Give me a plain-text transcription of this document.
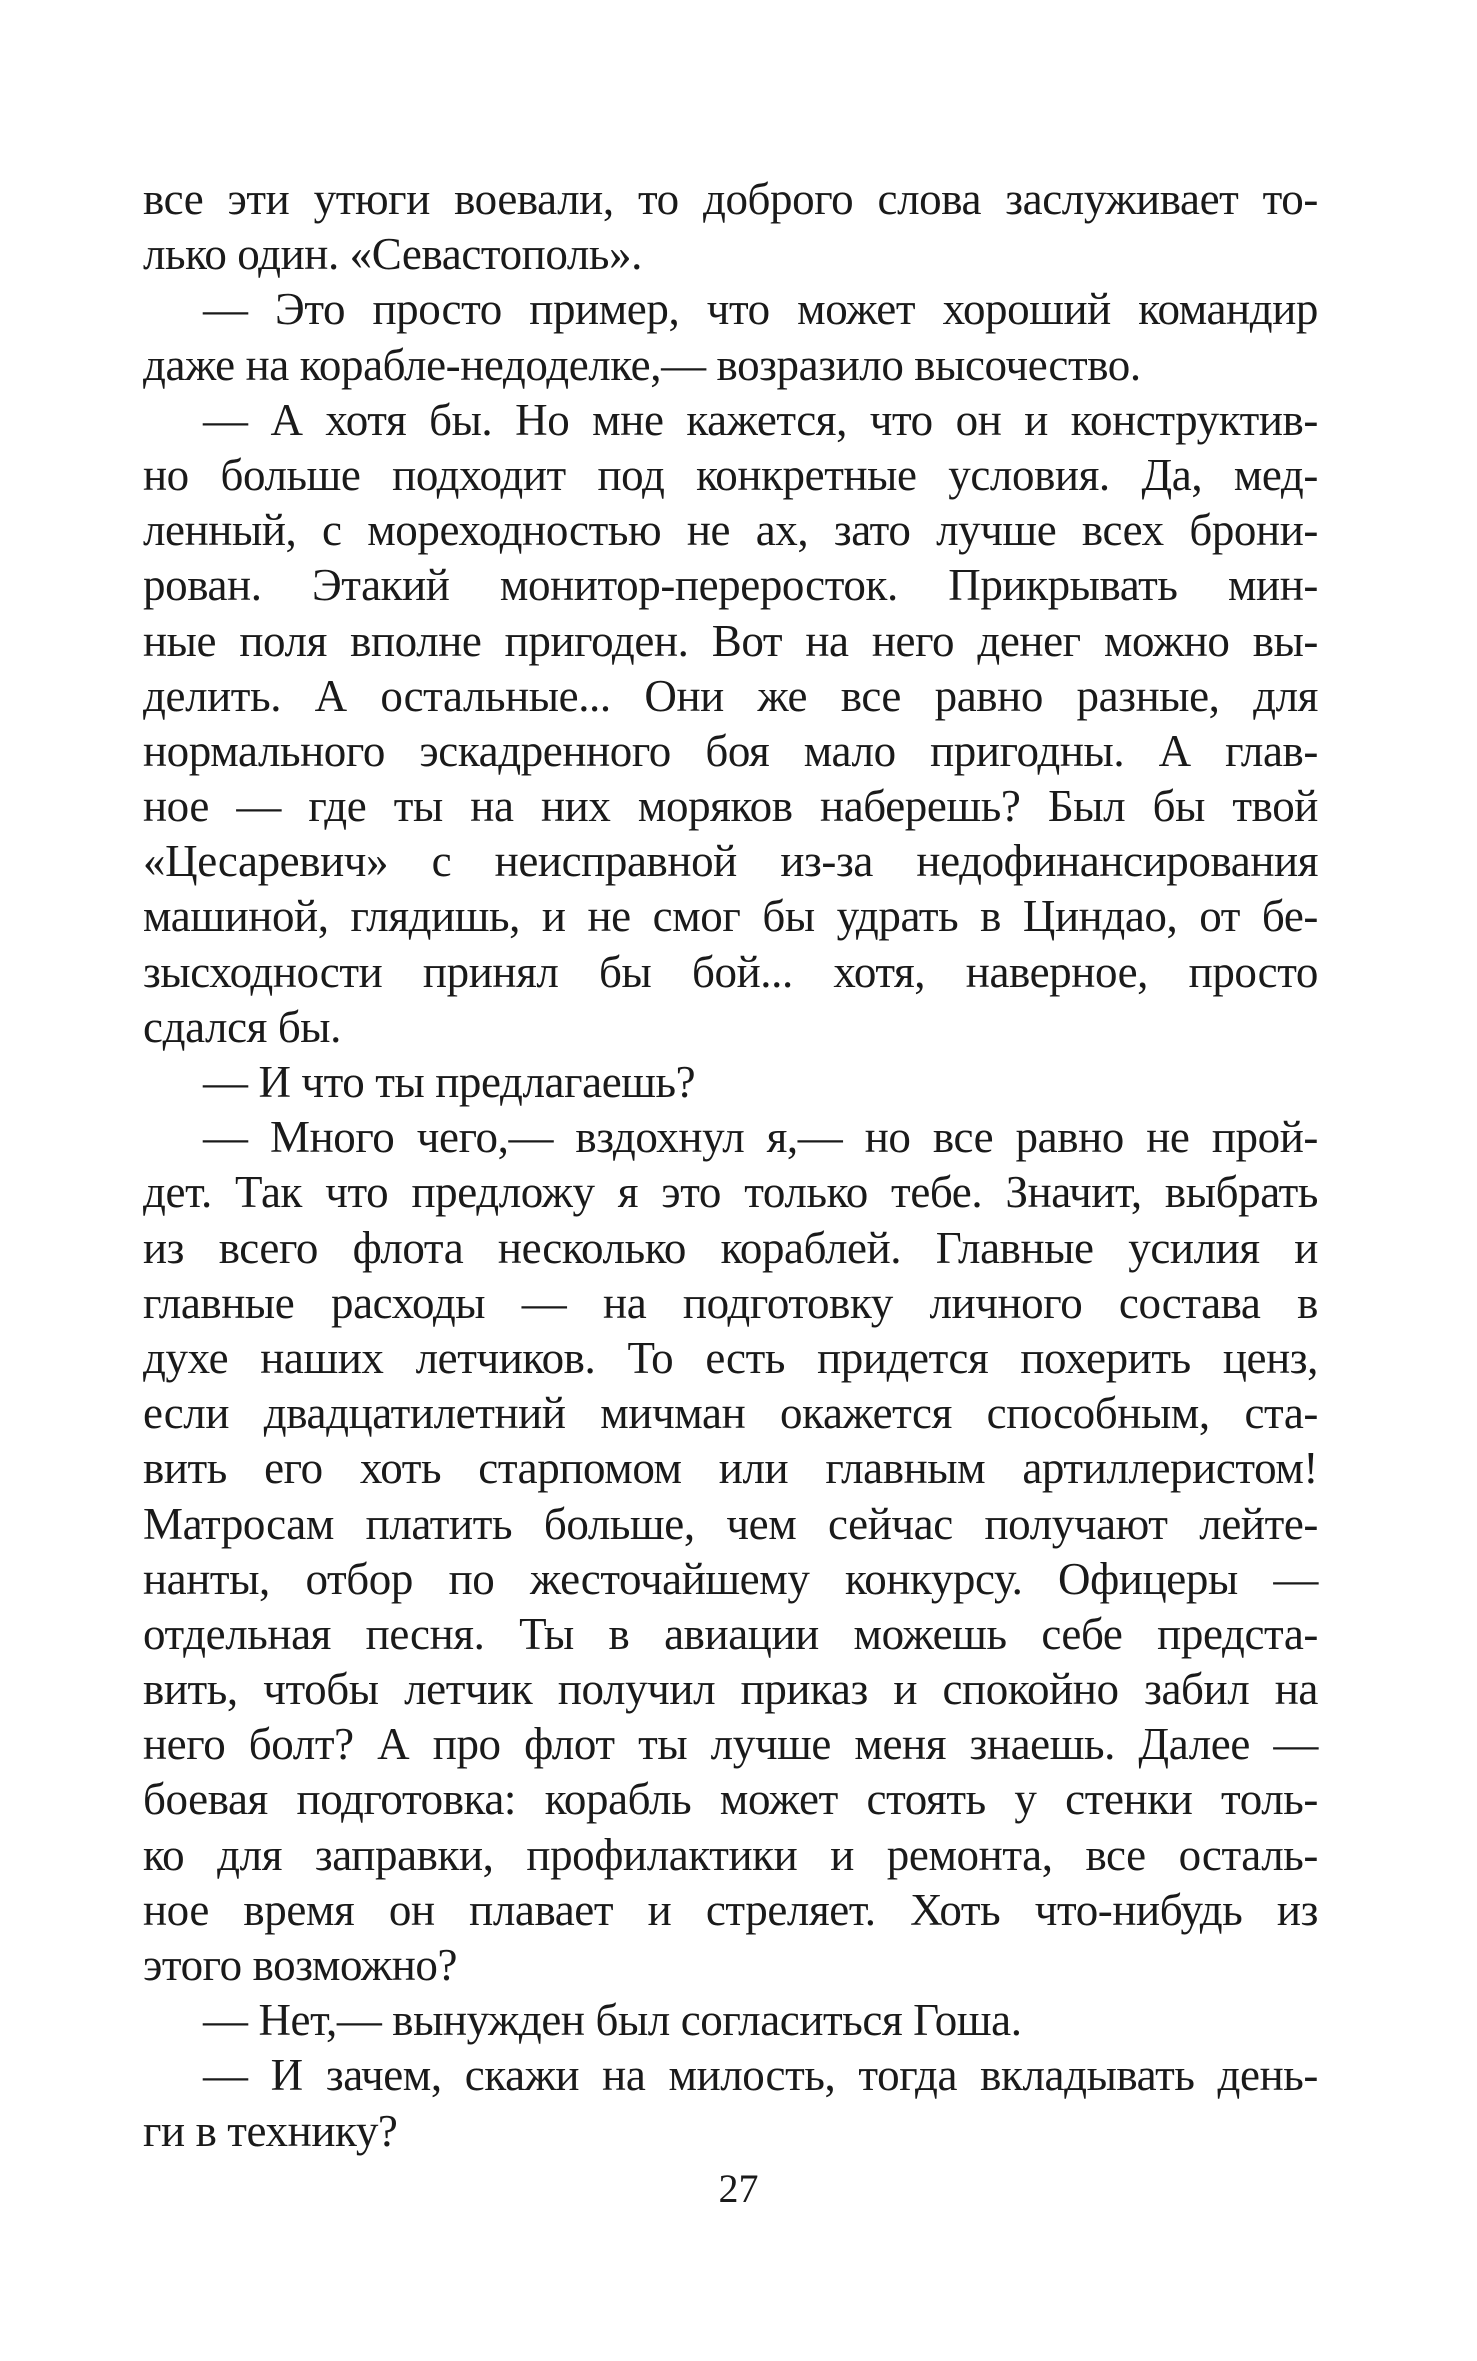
все эти утюги воевали, то доброго слова заслуживает то-
лько один. «Севастополь».
— Это просто пример, что может хороший командир
даже на корабле-недоделке,— возразило высочество.
— А хотя бы. Но мне кажется, что он и конструктив-
но больше подходит под конкретные условия. Да, мед-
ленный, с мореходностью не ах, зато лучше всех брони-
рован. Этакий монитор-переросток. Прикрывать мин-
ные поля вполне пригоден. Вот на него денег можно вы-
делить. А остальные... Они же все равно разные, для
нормального эскадренного боя мало пригодны. А глав-
ное — где ты на них моряков наберешь? Был бы твой
«Цесаревич» с неисправной из-за недофинансирования
машиной, глядишь, и не смог бы удрать в Циндао, от бе-
зысходности принял бы бой... хотя, наверное, просто
сдался бы.
— И что ты предлагаешь?
— Много чего,— вздохнул я,— но все равно не прой-
дет. Так что предложу я это только тебе. Значит, выбрать
из всего флота несколько кораблей. Главные усилия и
главные расходы — на подготовку личного состава в
духе наших летчиков. То есть придется похерить ценз,
если двадцатилетний мичман окажется способным, ста-
вить его хоть старпомом или главным артиллеристом!
Матросам платить больше, чем сейчас получают лейте-
нанты, отбор по жесточайшему конкурсу. Офицеры —
отдельная песня. Ты в авиации можешь себе предста-
вить, чтобы летчик получил приказ и спокойно забил на
него болт? А про флот ты лучше меня знаешь. Далее —
боевая подготовка: корабль может стоять у стенки толь-
ко для заправки, профилактики и ремонта, все осталь-
ное время он плавает и стреляет. Хоть что-нибудь из
этого возможно?
— Нет,— вынужден был согласиться Гоша.
— И зачем, скажи на милость, тогда вкладывать день-
ги в технику?
27
